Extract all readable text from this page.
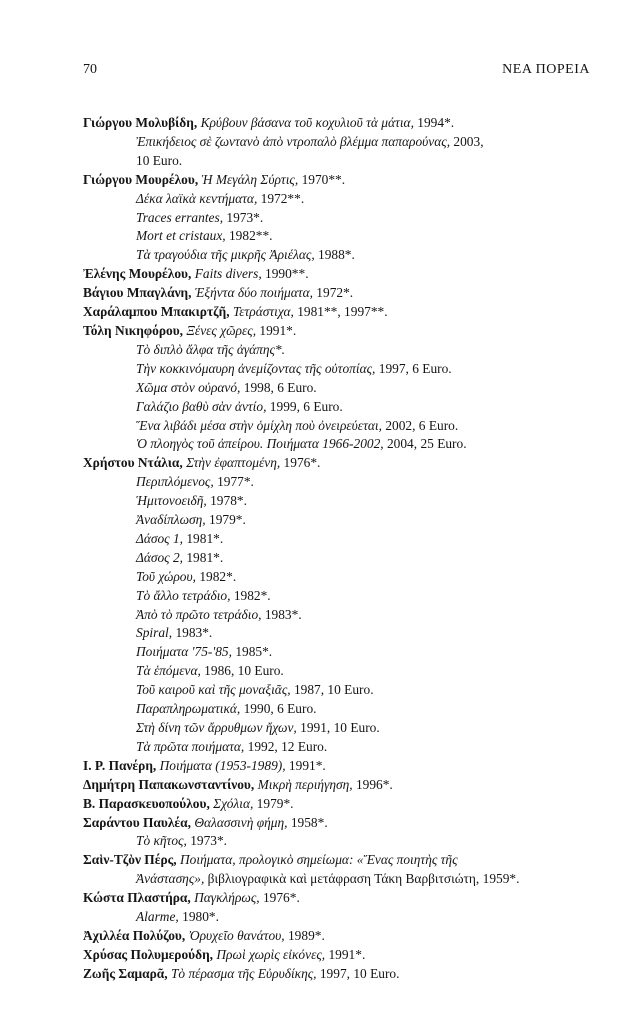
70	ΝΕΑ ΠΟΡΕΙΑ
Γιώργου Μολυβίδη, Κρύβουν βάσανα τοῦ κοχυλιοῦ τὰ μάτια, 1994*.
Ἐπικήδειος σὲ ζωντανὸ ἀπὸ ντροπαλὸ βλέμμα παπαρούνας, 2003,
10 Euro.
Γιώργου Μουρέλου, Ἡ Μεγάλη Σύρτις, 1970**.
Δέκα λαϊκὰ κεντήματα, 1972**.
Traces errantes, 1973*.
Mort et cristaux, 1982**.
Τὰ τραγούδια τῆς μικρῆς Ἀριέλας, 1988*.
Ἐλένης Μουρέλου, Faits divers, 1990**.
Βάγιου Μπαγλάνη, Ἑξήντα δύο ποιήματα, 1972*.
Χαράλαμπου Μπακιρτζῆ, Τετράστιχα, 1981**, 1997**.
Τόλη Νικηφόρου, Ξένες χῶρες, 1991*.
Τὸ διπλὸ ἄλφα τῆς ἀγάπης*.
Τὴν κοκκινόμαυρη ἀνεμίζοντας τῆς οὐτοπίας, 1997, 6 Euro.
Χῶμα στὸν οὐρανό, 1998, 6 Euro.
Γαλάζιο βαθὺ σὰν ἀντίο, 1999, 6 Euro.
Ἕνα λιβάδι μέσα στὴν ὁμίχλη ποὺ ὀνειρεύεται, 2002, 6 Euro.
Ὁ πλοηγὸς τοῦ ἀπείρου. Ποιήματα 1966-2002, 2004, 25 Euro.
Χρήστου Ντάλια, Στὴν ἐφαπτομένη, 1976*.
Περιπλόμενος, 1977*.
Ἡμιτονοειδῆ, 1978*.
Ἀναδίπλωση, 1979*.
Δάσος 1, 1981*.
Δάσος 2, 1981*.
Τοῦ χώρου, 1982*.
Τὸ ἄλλο τετράδιο, 1982*.
Ἀπὸ τὸ πρῶτο τετράδιο, 1983*.
Spiral, 1983*.
Ποιήματα '75-'85, 1985*.
Τὰ ἑπόμενα, 1986, 10 Euro.
Τοῦ καιροῦ καὶ τῆς μοναξιᾶς, 1987, 10 Euro.
Παραπληρωματικά, 1990, 6 Euro.
Στὴ δίνη τῶν ἄρρυθμων ἤχων, 1991, 10 Euro.
Τὰ πρῶτα ποιήματα, 1992, 12 Euro.
Ι. Ρ. Πανέρη, Ποιήματα (1953-1989), 1991*.
Δημήτρη Παπακωνσταντίνου, Μικρὴ περιήγηση, 1996*.
Β. Παρασκευοπούλου, Σχόλια, 1979*.
Σαράντου Παυλέα, Θαλασσινὴ φήμη, 1958*.
Τὸ κῆτος, 1973*.
Σαὶν-Τζὸν Πέρς, Ποιήματα, προλογικὸ σημείωμα: «Ἕνας ποιητὴς τῆς
Ἀνάστασης», βιβλιογραφικὰ καὶ μετάφραση Τάκη Βαρβιτσιώτη, 1959*.
Κώστα Πλαστήρα, Παγκλήρως, 1976*.
Alarme, 1980*.
Ἀχιλλέα Πολύζου, Ὀρυχεῖο θανάτου, 1989*.
Χρύσας Πολυμερούδη, Πρωὶ χωρὶς εἰκόνες, 1991*.
Ζωῆς Σαμαρᾶ, Τὸ πέρασμα τῆς Εὐρυδίκης, 1997, 10 Euro.
